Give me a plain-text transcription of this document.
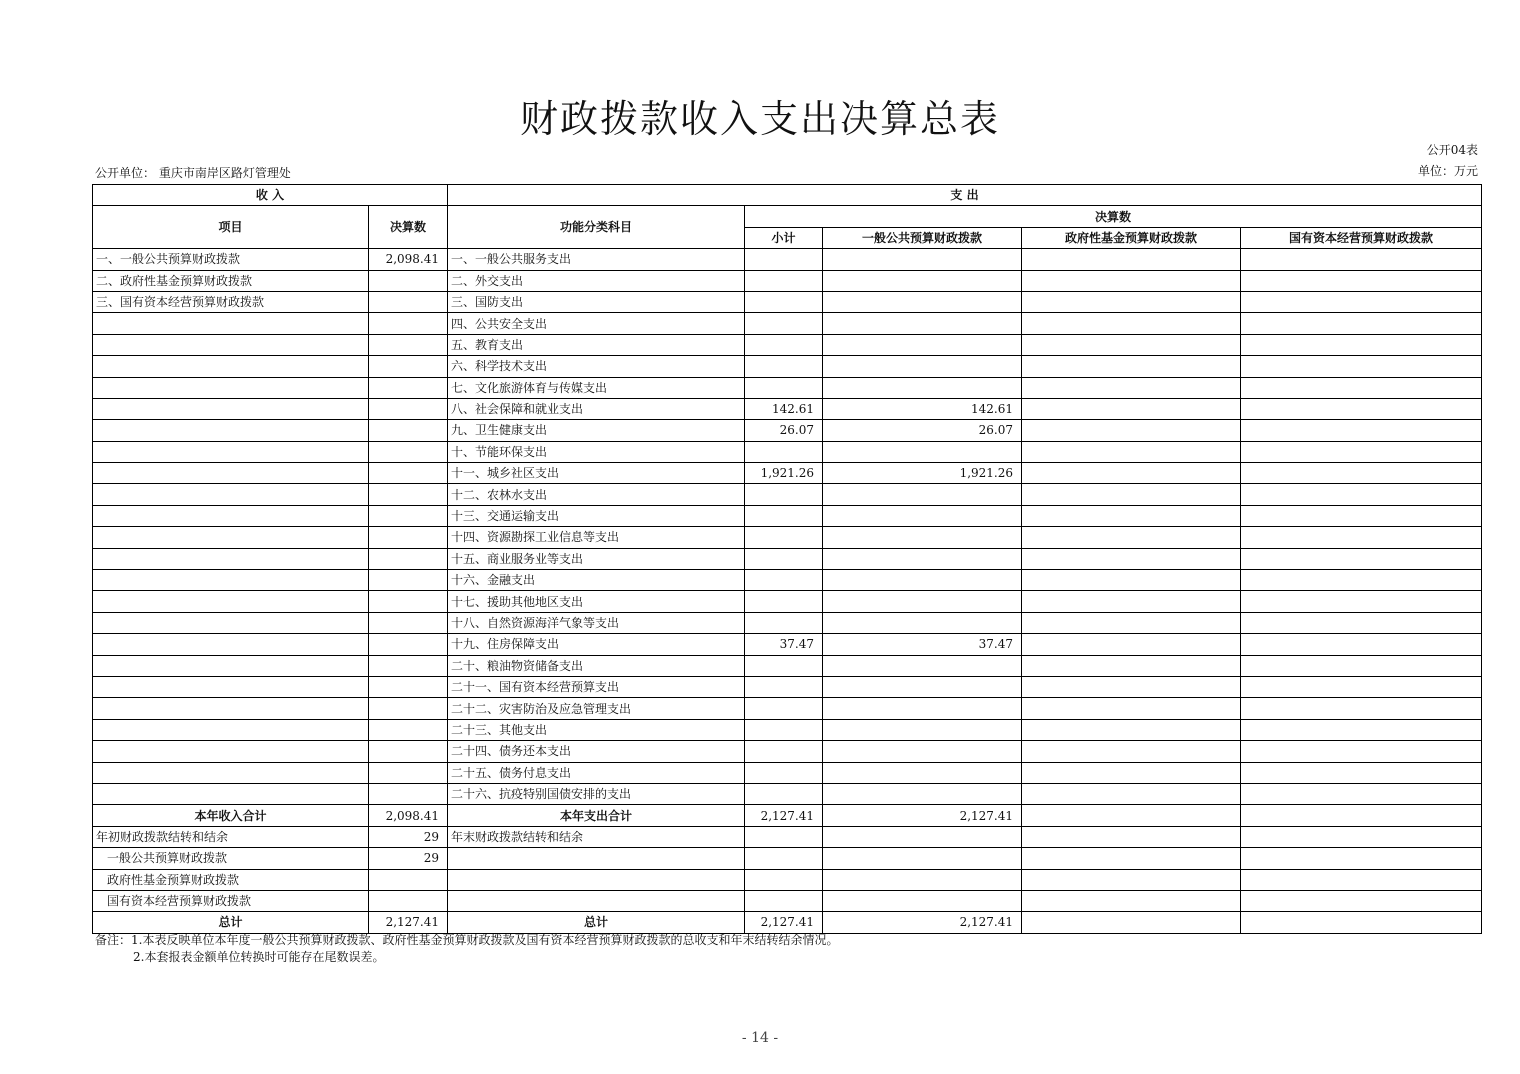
财政拨款收入支出决算总表
公开04表
单位：万元
公开单位： 重庆市南岸区路灯管理处
收 入		支 出				
项目	决算数	功能分类科目	决算数			
			小计	一般公共预算财政拨款	政府性基金预算财政拨款	国有资本经营预算财政拨款
一、一般公共预算财政拨款	2,098.41	一、一般公共服务支出				
二、政府性基金预算财政拨款		二、外交支出				
三、国有资本经营预算财政拨款		三、国防支出				
		四、公共安全支出				
		五、教育支出				
		六、科学技术支出				
		七、文化旅游体育与传媒支出				
		八、社会保障和就业支出	142.61	142.61		
		九、卫生健康支出	26.07	26.07		
		十、节能环保支出				
		十一、城乡社区支出	1,921.26	1,921.26		
		十二、农林水支出				
		十三、交通运输支出				
		十四、资源勘探工业信息等支出				
		十五、商业服务业等支出				
		十六、金融支出				
		十七、援助其他地区支出				
		十八、自然资源海洋气象等支出				
		十九、住房保障支出	37.47	37.47		
		二十、粮油物资储备支出				
		二十一、国有资本经营预算支出				
		二十二、灾害防治及应急管理支出				
		二十三、其他支出				
		二十四、债务还本支出				
		二十五、债务付息支出				
		二十六、抗疫特别国债安排的支出				
本年收入合计	2,098.41	本年支出合计	2,127.41	2,127.41		
年初财政拨款结转和结余	29	年末财政拨款结转和结余				
一般公共预算财政拨款	29					
政府性基金预算财政拨款						
国有资本经营预算财政拨款						
总计	2,127.41	总计	2,127.41	2,127.41		
备注：1.本表反映单位本年度一般公共预算财政拨款、政府性基金预算财政拨款及国有资本经营预算财政拨款的总收支和年末结转结余情况。
2.本套报表金额单位转换时可能存在尾数误差。
- 14 -
